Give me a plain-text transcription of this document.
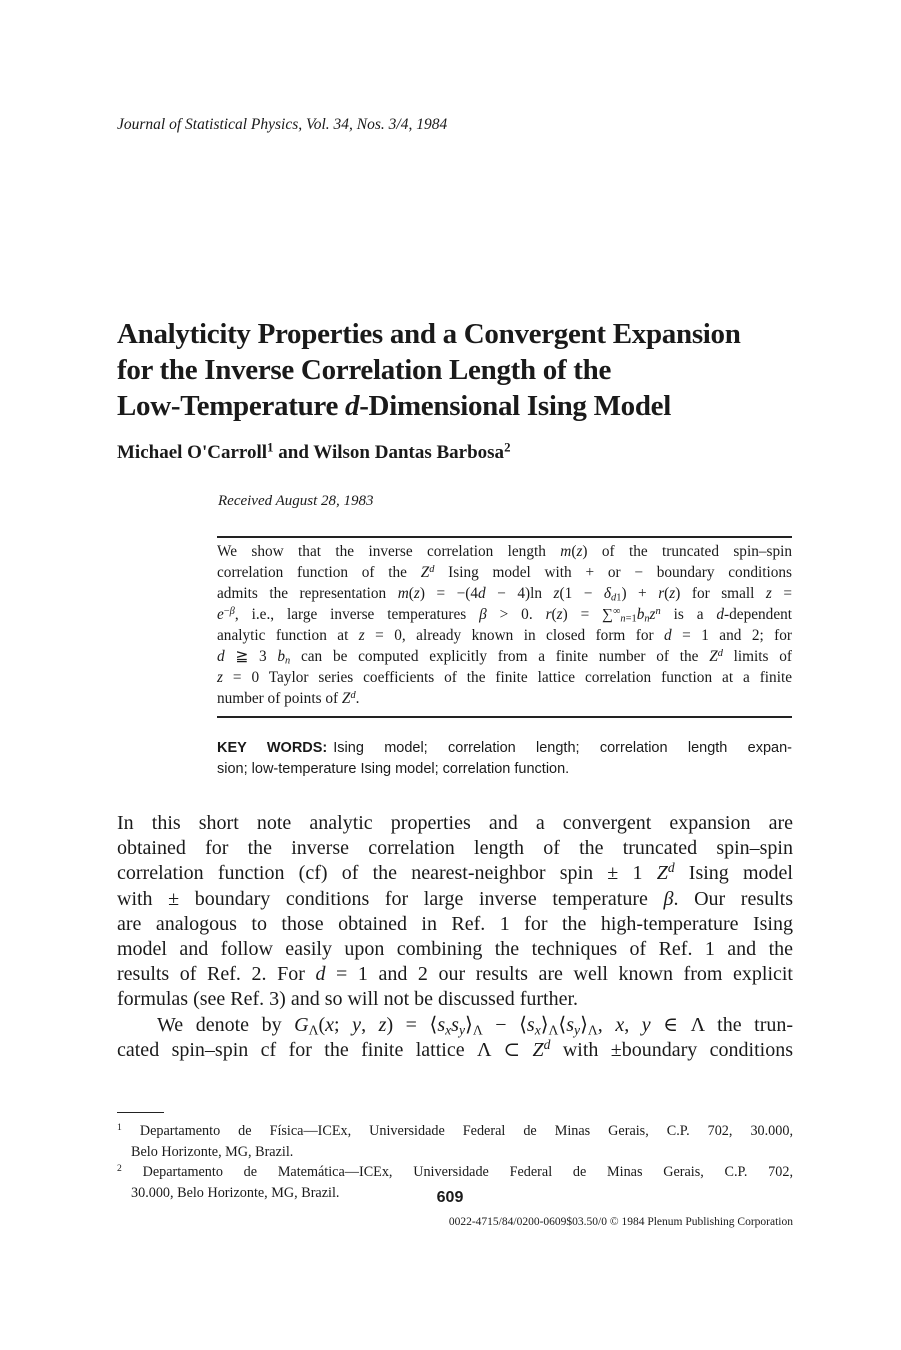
Journal of Statistical Physics, Vol. 34, Nos. 3/4, 1984
Analyticity Properties and a Convergent Expansion
for the Inverse Correlation Length of the
Low-Temperature d-Dimensional Ising Model
Michael O'Carroll$^1$ and Wilson Dantas Barbosa$^2$
Received August 28, 1983
We show that the inverse correlation length m(z) of the truncated spin–spin
correlation function of the $Z^d$ Ising model with + or − boundary conditions
admits the representation m(z) = −(4d − 4)ln $z(1 - \delta_{d1}) + r(z)$ for small z =
$e^{-\beta}$, i.e., large inverse temperatures β > 0. $r(z) = \sum^\infty_{n=1}b_nz^n$ is a d-dependent
analytic function at z = 0, already known in closed form for d = 1 and 2; for
d ≧ 3 $b_n$ can be computed explicitly from a finite number of the $Z^d$ limits of
z = 0 Taylor series coefficients of the finite lattice correlation function at a finite
number of points of $Z^d$.
KEY WORDS: Ising model; correlation length; correlation length expan-
sion; low-temperature Ising model; correlation function.
In this short note analytic properties and a convergent expansion are
obtained for the inverse correlation length of the truncated spin–spin
correlation function (cf) of the nearest-neighbor spin ± 1 $Z^d$ Ising model
with ± boundary conditions for large inverse temperature β. Our results
are analogous to those obtained in Ref. 1 for the high-temperature Ising
model and follow easily upon combining the techniques of Ref. 1 and the
results of Ref. 2. For d = 1 and 2 our results are well known from explicit
formulas (see Ref. 3) and so will not be discussed further.
We denote by $G_\Lambda(x$; y, $z) = ⟨s_xs_y⟩_\Lambda$ − $⟨s_x⟩_\Lambda⟨s_y⟩_\Lambda$, x, y ∈ Λ the trun-
cated spin–spin cf for the finite lattice Λ ⊂ $Z^d$ with ±boundary conditions
$^1$ Departamento de Física—ICEx, Universidade Federal de Minas Gerais, C.P. 702, 30.000,
Belo Horizonte, MG, Brazil.
$^2$ Departamento de Matemática—ICEx, Universidade Federal de Minas Gerais, C.P. 702,
30.000, Belo Horizonte, MG, Brazil.	609
0022-4715/84/0200-0609$03.50/0 © 1984 Plenum Publishing Corporation
